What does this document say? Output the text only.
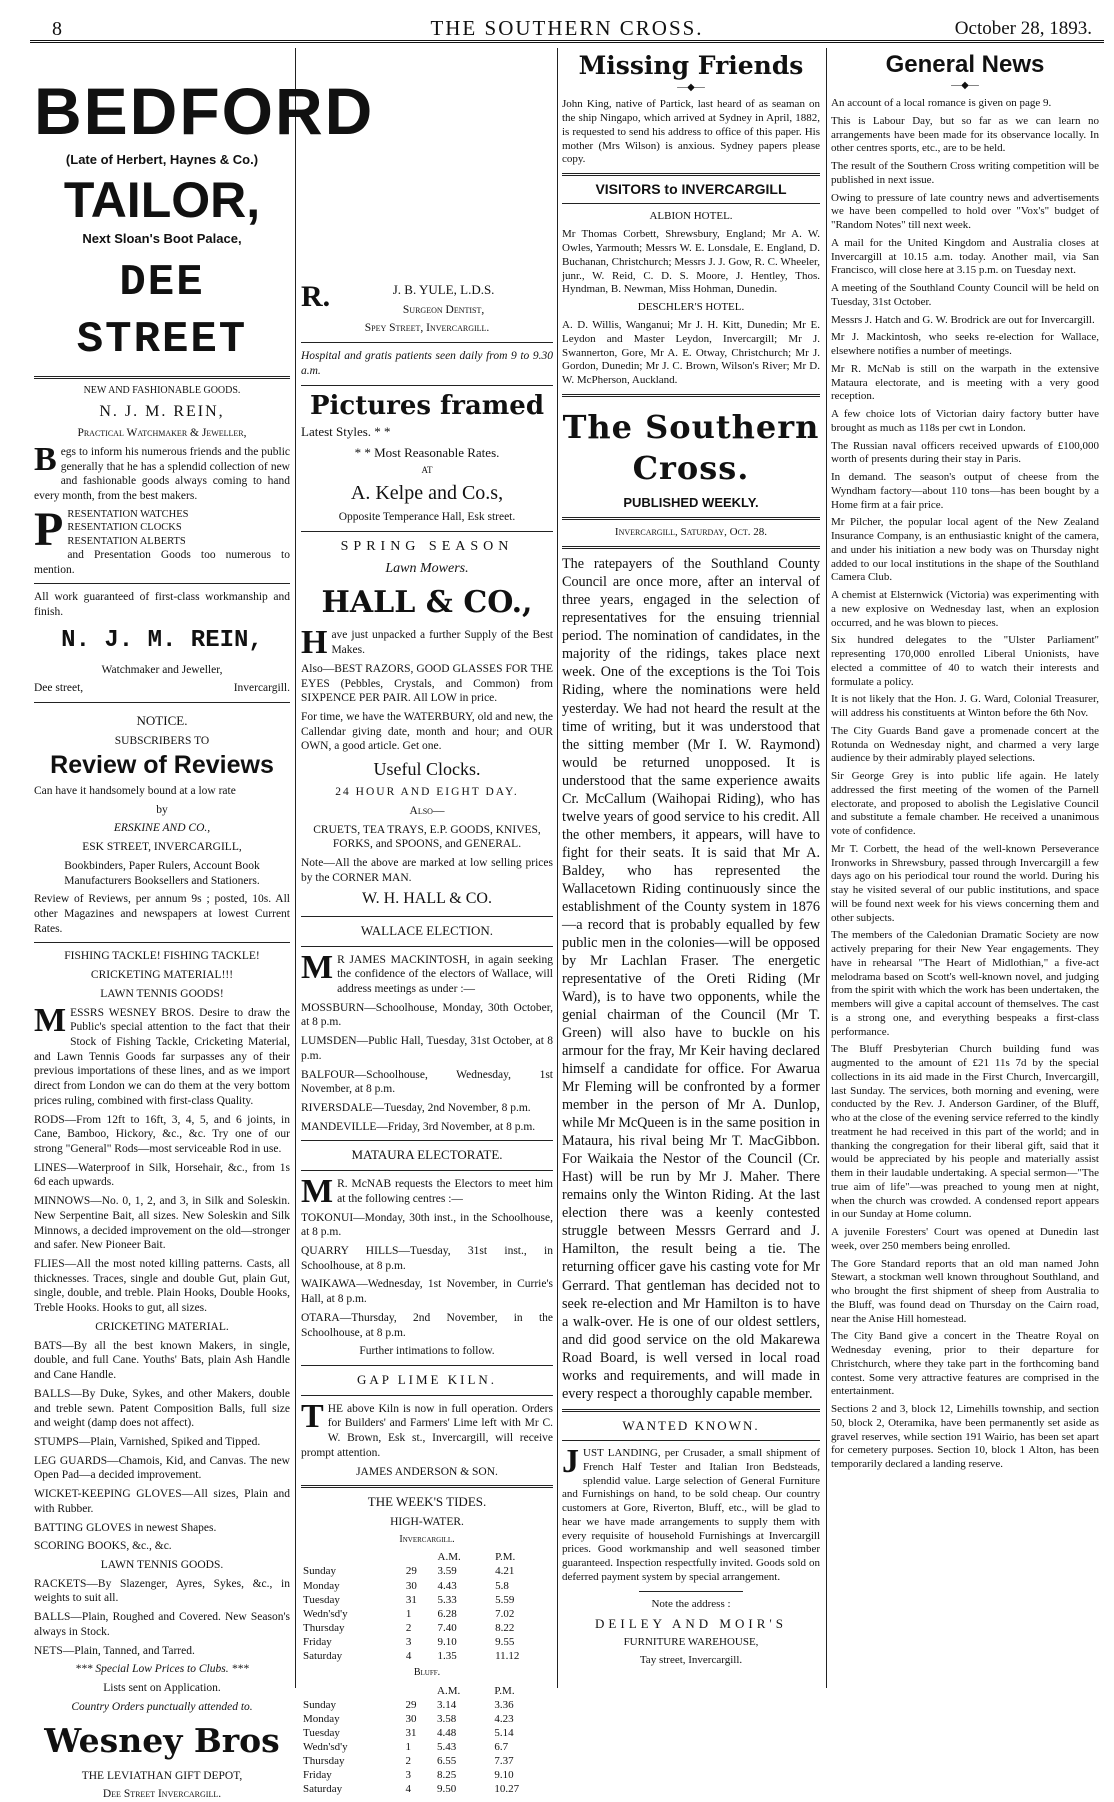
8	THE SOUTHERN CROSS.	October 28, 1893.
BEDFORD

(Late of Herbert, Haynes & Co.)

TAILOR,

Next Sloan's Boot Palace,

DEE STREET

NEW AND FASHIONABLE GOODS.

N. J. M. REIN,

Practical Watchmaker & Jeweller,

Begs to inform his numerous friends and the public generally that he has a splendid collection of new and fashionable goods always coming to hand every month, from the best makers.

P RESENTATION WATCHES
RESENTATION CLOCKS
RESENTATION ALBERTS

and Presentation Goods too numerous to mention.

All work guaranteed of first-class workmanship and finish.

N. J. M. REIN,

Watchmaker and Jeweller,

Dee street,	Invercargill.

NOTICE.

SUBSCRIBERS TO

Review of Reviews

Can have it handsomely bound at a low rate

by

ERSKINE AND CO.,

ESK STREET, INVERCARGILL,

Bookbinders, Paper Rulers, Account Book Manufacturers Booksellers and Stationers.

Review of Reviews, per annum 9s ; posted, 10s. All other Magazines and newspapers at lowest Current Rates.

FISHING TACKLE! FISHING TACKLE!

CRICKETING MATERIAL!!!

LAWN TENNIS GOODS!

MESSRS WESNEY BROS. Desire to draw the Public's special attention to the fact that their Stock of Fishing Tackle, Cricketing Material, and Lawn Tennis Goods far surpasses any of their previous importations of these lines, and as we import direct from London we can do them at the very bottom prices ruling, combined with first-class Quality.

RODS—From 12ft to 16ft, 3, 4, 5, and 6 joints, in Cane, Bamboo, Hickory, &c., &c. Try one of our strong "General" Rods—most serviceable Rod in use.

LINES—Waterproof in Silk, Horsehair, &c., from 1s 6d each upwards.

MINNOWS—No. 0, 1, 2, and 3, in Silk and Soleskin. New Serpentine Bait, all sizes. New Soleskin and Silk Minnows, a decided improvement on the old—stronger and safer. New Pioneer Bait.

FLIES—All the most noted killing patterns. Casts, all thicknesses. Traces, single and double Gut, plain Gut, single, double, and treble. Plain Hooks, Double Hooks, Treble Hooks. Hooks to gut, all sizes.

CRICKETING MATERIAL.

BATS—By all the best known Makers, in single, double, and full Cane. Youths' Bats, plain Ash Handle and Cane Handle.

BALLS—By Duke, Sykes, and other Makers, double and treble sewn. Patent Composition Balls, full size and weight (damp does not affect).

STUMPS—Plain, Varnished, Spiked and Tipped.

LEG GUARDS—Chamois, Kid, and Canvas. The new Open Pad—a decided improvement.

WICKET-KEEPING GLOVES—All sizes, Plain and with Rubber.

BATTING GLOVES in newest Shapes.

SCORING BOOKS, &c., &c.

LAWN TENNIS GOODS.

RACKETS—By Slazenger, Ayres, Sykes, &c., in weights to suit all.

BALLS—Plain, Roughed and Covered. New Season's always in Stock.

NETS—Plain, Tanned, and Tarred.

*** Special Low Prices to Clubs. ***

Lists sent on Application.

Country Orders punctually attended to.

Wesney Bros

THE LEVIATHAN GIFT DEPOT,

Dee Street Invercargill.

R.	J. B. YULE, L.D.S.

Surgeon Dentist,

Spey Street, Invercargill.

Hospital and gratis patients seen daily from 9 to 9.30 a.m.

Pictures framed

Latest Styles. * *

* * Most Reasonable Rates.

AT

A. Kelpe and Co.s,

Opposite Temperance Hall, Esk street.

SPRING SEASON

Lawn Mowers.

HALL & CO.,

Have just unpacked a further Supply of the Best Makes.

Also—BEST RAZORS, GOOD GLASSES FOR THE EYES (Pebbles, Crystals, and Common) from SIXPENCE PER PAIR. All LOW in price.

For time, we have the WATERBURY, old and new, the Callendar giving date, month and hour; and OUR OWN, a good article. Get one.

Useful Clocks.

24 HOUR AND EIGHT DAY.

Also—

CRUETS, TEA TRAYS, E.P. GOODS, KNIVES, FORKS, and SPOONS, and GENERAL.

Note—All the above are marked at low selling prices by the CORNER MAN.

W. H. HALL & CO.

WALLACE ELECTION.

M R JAMES MACKINTOSH, in again seeking the confidence of the electors of Wallace, will address meetings as under :—

MOSSBURN—Schoolhouse, Monday, 30th October, at 8 p.m.

LUMSDEN—Public Hall, Tuesday, 31st October, at 8 p.m.

BALFOUR—Schoolhouse, Wednesday, 1st November, at 8 p.m.

RIVERSDALE—Tuesday, 2nd November, 8 p.m.

MANDEVILLE—Friday, 3rd November, at 8 p.m.

MATAURA ELECTORATE.

M R. McNAB requests the Electors to meet him at the following centres :—

TOKONUI—Monday, 30th inst., in the Schoolhouse, at 8 p.m.

QUARRY HILLS—Tuesday, 31st inst., in Schoolhouse, at 8 p.m.

WAIKAWA—Wednesday, 1st November, in Currie's Hall, at 8 p.m.

OTARA—Thursday, 2nd November, in the Schoolhouse, at 8 p.m.

Further intimations to follow.

GAP LIME KILN.

THE above Kiln is now in full operation. Orders for Builders' and Farmers' Lime left with Mr C. W. Brown, Esk st., Invercargill, will receive prompt attention.

JAMES ANDERSON & SON.

THE WEEK'S TIDES.

HIGH-WATER.

Invercargill.

		A.M.	P.M.
Sunday	29	3.59	4.21
Monday	30	4.43	5.8
Tuesday	31	5.33	5.59
Wedn'sd'y	1	6.28	7.02
Thursday	2	7.40	8.22
Friday	3	9.10	9.55
Saturday	4	1.35	11.12

Bluff.

		A.M.	P.M.
Sunday	29	3.14	3.36
Monday	30	3.58	4.23
Tuesday	31	4.48	5.14
Wedn'sd'y	1	5.43	6.7
Thursday	2	6.55	7.37
Friday	3	8.25	9.10
Saturday	4	9.50	10.27
Missing Friends
—◆—

John King, native of Partick, last heard of as seaman on the ship Ningapo, which arrived at Sydney in April, 1882, is requested to send his address to office of this paper. His mother (Mrs Wilson) is anxious. Sydney papers please copy.

VISITORS to INVERCARGILL

ALBION HOTEL.

Mr Thomas Corbett, Shrewsbury, England; Mr A. W. Owles, Yarmouth; Messrs W. E. Lonsdale, E. England, D. Buchanan, Christchurch; Messrs J. J. Gow, R. C. Wheeler, junr., W. Reid, C. D. S. Moore, J. Hentley, Thos. Hyndman, B. Newman, Miss Hohman, Dunedin.

DESCHLER'S HOTEL.

A. D. Willis, Wanganui; Mr J. H. Kitt, Dunedin; Mr E. Leydon and Master Leydon, Invercargill; Mr J. Swannerton, Gore, Mr A. E. Otway, Christchurch; Mr J. Gordon, Dunedin; Mr J. C. Brown, Wilson's River; Mr D. W. McPherson, Auckland.

The Southern Cross.

PUBLISHED WEEKLY.

Invercargill, Saturday, Oct. 28.

The ratepayers of the Southland County Council are once more, after an interval of three years, engaged in the selection of representatives for the ensuing triennial period. The nomination of candidates, in the majority of the ridings, takes place next week. One of the exceptions is the Toi Tois Riding, where the nominations were held yesterday. We had not heard the result at the time of writing, but it was understood that the sitting member (Mr I. W. Raymond) would be returned unopposed. It is understood that the same experience awaits Cr. McCallum (Waihopai Riding), who has twelve years of good service to his credit. All the other members, it appears, will have to fight for their seats. It is said that Mr A. Baldey, who has represented the Wallacetown Riding continuously since the establishment of the County system in 1876—a record that is probably equalled by few public men in the colonies—will be opposed by Mr Lachlan Fraser. The energetic representative of the Oreti Riding (Mr Ward), is to have two opponents, while the genial chairman of the Council (Mr T. Green) will also have to buckle on his armour for the fray, Mr Keir having declared himself a candidate for office. For Awarua Mr Fleming will be confronted by a former member in the person of Mr A. Dunlop, while Mr McQueen is in the same position in Mataura, his rival being Mr T. MacGibbon. For Waikaia the Nestor of the Council (Cr. Hast) will be run by Mr J. Maher. There remains only the Winton Riding. At the last election there was a keenly contested struggle between Messrs Gerrard and J. Hamilton, the result being a tie. The returning officer gave his casting vote for Mr Gerrard. That gentleman has decided not to seek re-election and Mr Hamilton is to have a walk-over. He is one of our oldest settlers, and did good service on the old Makarewa Road Board, is well versed in local road works and requirements, and will made in every respect a thoroughly capable member.

WANTED KNOWN.

JUST LANDING, per Crusader, a small shipment of French Half Tester and Italian Iron Bedsteads, splendid value. Large selection of General Furniture and Furnishings on hand, to be sold cheap. Our country customers at Gore, Riverton, Bluff, etc., will be glad to hear we have made arrangements to supply them with every requisite of household Furnishings at Invercargill prices. Good workmanship and well seasoned timber guaranteed. Inspection respectfully invited. Goods sold on deferred payment system by special arrangement.

Note the address :

DEILEY AND MOIR'S

FURNITURE WAREHOUSE,

Tay street, Invercargill.

General News
—◆—

An account of a local romance is given on page 9.

This is Labour Day, but so far as we can learn no arrangements have been made for its observance locally. In other centres sports, etc., are to be held.

The result of the Southern Cross writing competition will be published in next issue.

Owing to pressure of late country news and advertisements we have been compelled to hold over "Vox's" budget of "Random Notes" till next week.

A mail for the United Kingdom and Australia closes at Invercargill at 10.15 a.m. today. Another mail, via San Francisco, will close here at 3.15 p.m. on Tuesday next.

A meeting of the Southland County Council will be held on Tuesday, 31st October.

Messrs J. Hatch and G. W. Brodrick are out for Invercargill.

Mr J. Mackintosh, who seeks re-election for Wallace, elsewhere notifies a number of meetings.

Mr R. McNab is still on the warpath in the extensive Mataura electorate, and is meeting with a very good reception.

A few choice lots of Victorian dairy factory butter have brought as much as 118s per cwt in London.

The Russian naval officers received upwards of £100,000 worth of presents during their stay in Paris.

In demand. The season's output of cheese from the Wyndham factory—about 110 tons—has been bought by a Home firm at a fair price.

Mr Pilcher, the popular local agent of the New Zealand Insurance Company, is an enthusiastic knight of the camera, and under his initiation a new body was on Thursday night added to our local institutions in the shape of the Southland Camera Club.

A chemist at Elsternwick (Victoria) was experimenting with a new explosive on Wednesday last, when an explosion occurred, and he was blown to pieces.

Six hundred delegates to the "Ulster Parliament" representing 170,000 enrolled Liberal Unionists, have elected a committee of 40 to watch their interests and formulate a policy.

It is not likely that the Hon. J. G. Ward, Colonial Treasurer, will address his constituents at Winton before the 6th Nov.

The City Guards Band gave a promenade concert at the Rotunda on Wednesday night, and charmed a very large audience by their admirably played selections.

Sir George Grey is into public life again. He lately addressed the first meeting of the women of the Parnell electorate, and proposed to abolish the Legislative Council and substitute a female chamber. He received a unanimous vote of confidence.

Mr T. Corbett, the head of the well-known Perseverance Ironworks in Shrewsbury, passed through Invercargill a few days ago on his periodical tour round the world. During his stay he visited several of our public institutions, and space will be found next week for his views concerning them and other subjects.

The members of the Caledonian Dramatic Society are now actively preparing for their New Year engagements. They have in rehearsal "The Heart of Midlothian," a five-act melodrama based on Scott's well-known novel, and judging from the spirit with which the work has been undertaken, the members will give a capital account of themselves. The cast is a strong one, and everything bespeaks a first-class performance.

The Bluff Presbyterian Church building fund was augmented to the amount of £21 11s 7d by the special collections in its aid made in the First Church, Invercargill, last Sunday. The services, both morning and evening, were conducted by the Rev. J. Anderson Gardiner, of the Bluff, who at the close of the evening service referred to the kindly treatment he had received in this part of the world; and in thanking the congregation for their liberal gift, said that it would be appreciated by his people and materially assist them in their laudable undertaking. A special sermon—"The true aim of life"—was preached to young men at night, when the church was crowded. A condensed report appears in our Sunday at Home column.

A juvenile Foresters' Court was opened at Dunedin last week, over 250 members being enrolled.

The Gore Standard reports that an old man named John Stewart, a stockman well known throughout Southland, and who brought the first shipment of sheep from Australia to the Bluff, was found dead on Thursday on the Cairn road, near the Anise Hill homestead.

The City Band give a concert in the Theatre Royal on Wednesday evening, prior to their departure for Christchurch, where they take part in the forthcoming band contest. Some very attractive features are comprised in the entertainment.

Sections 2 and 3, block 12, Limehills township, and section 50, block 2, Oteramika, have been permanently set aside as gravel reserves, while section 191 Wairio, has been set apart for cemetery purposes. Section 10, block 1 Alton, has been temporarily declared a landing reserve.
